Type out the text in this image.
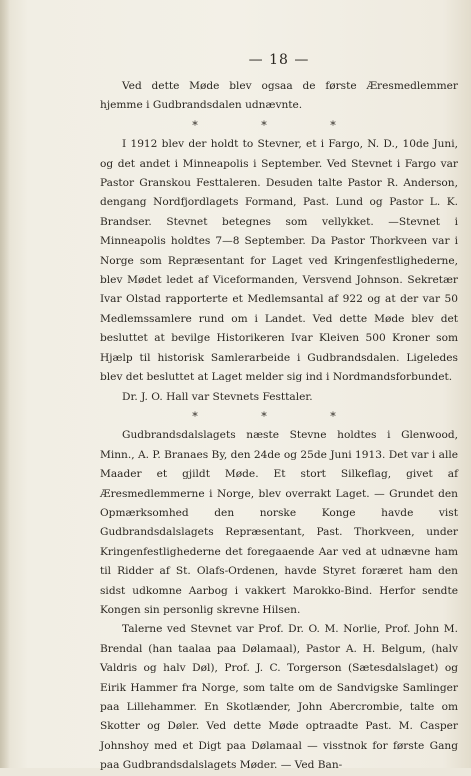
— 18 —

Ved dette Møde blev ogsaa de første Æresmedlemmer hjemme i Gudbrandsdalen udnævnte.

* * *

I 1912 blev der holdt to Stevner, et i Fargo, N. D., 10de Juni, og det andet i Minneapolis i September. Ved Stevnet i Fargo var Pastor Granskou Festtaleren. Desuden talte Pastor R. Anderson, dengang Nordfjordlagets Formand, Past. Lund og Pastor L. K. Brandser. Stevnet betegnes som vellykket. —Stevnet i Minneapolis holdtes 7—8 September. Da Pastor Thorkveen var i Norge som Repræsentant for Laget ved Kringenfestlighederne, blev Mødet ledet af Viceformanden, Versvend Johnson. Sekretær Ivar Olstad rapporterte et Medlemsantal af 922 og at der var 50 Medlemssamlere rund om i Landet. Ved dette Møde blev det besluttet at bevilge Historikeren Ivar Kleiven 500 Kroner som Hjælp til historisk Samlerarbeide i Gudbrandsdalen. Ligeledes blev det besluttet at Laget melder sig ind i Nordmandsforbundet.

Dr. J. O. Hall var Stevnets Festtaler.

* * *

Gudbrandsdalslagets næste Stevne holdtes i Glenwood, Minn., A. P. Branaes By, den 24de og 25de Juni 1913. Det var i alle Maader et gjildt Møde. Et stort Silkeflag, givet af Æresmedlemmerne i Norge, blev overrakt Laget. — Grundet den Opmærksomhed den norske Konge havde vist Gudbrandsdalslagets Repræsentant, Past. Thorkveen, under Kringenfestlighederne det foregaaende Aar ved at udnævne ham til Ridder af St. Olafs-Ordenen, havde Styret foræret ham den sidst udkomne Aarbog i vakkert Marokko-Bind. Herfor sendte Kongen sin personlig skrevne Hilsen.

Talerne ved Stevnet var Prof. Dr. O. M. Norlie, Prof. John M. Brendal (han taalaa paa Dølamaal), Pastor A. H. Belgum, (halv Valdris og halv Døl), Prof. J. C. Torgerson (Sætesdalslaget) og Eirik Hammer fra Norge, som talte om de Sandvigske Samlinger paa Lillehammer. En Skotlænder, John Abercrombie, talte om Skotter og Døler. Ved dette Møde optraadte Past. M. Casper Johnshoy med et Digt paa Dølamaal — visstnok for første Gang paa Gudbrandsdalslagets Møder. — Ved Ban-
